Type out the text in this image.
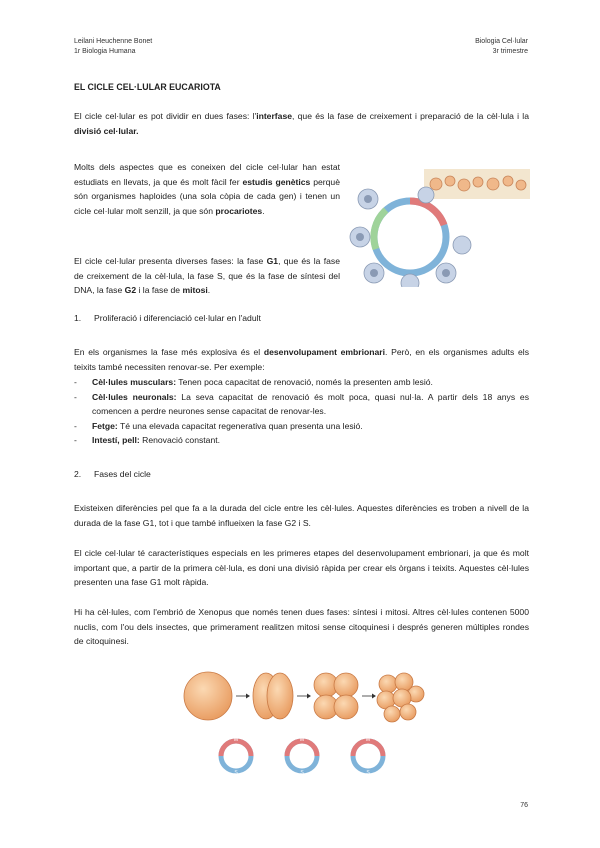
Leilani Heuchenne Bonet
1r Biologia Humana
Biologia Cel·lular
3r trimestre
EL CICLE CEL·LULAR EUCARIOTA
El cicle cel·lular es pot dividir en dues fases: l'interfase, que és la fase de creixement i preparació de la cèl·lula i la divisió cel·lular.
Molts dels aspectes que es coneixen del cicle cel·lular han estat estudiats en llevats, ja que és molt fàcil fer estudis genètics perquè són organismes haploides (una sola còpia de cada gen) i tenen un cicle cel·lular molt senzill, ja que són procariotes.
El cicle cel·lular presenta diverses fases: la fase G1, que és la fase de creixement de la cèl·lula, la fase S, que és la fase de síntesi del DNA, la fase G2 i la fase de mitosi.
1. Proliferació i diferenciació cel·lular en l'adult
En els organismes la fase més explosiva és el desenvolupament embrionari. Però, en els organismes adults els teixits també necessiten renovar-se. Per exemple:
- Cèl·lules musculars: Tenen poca capacitat de renovació, només la presenten amb lesió.
- Cèl·lules neuronals: La seva capacitat de renovació és molt poca, quasi nul·la. A partir dels 18 anys es comencen a perdre neurones sense capacitat de renovar-les.
- Fetge: Té una elevada capacitat regenerativa quan presenta una lesió.
- Intestí, pell: Renovació constant.
2. Fases del cicle
Existeixen diferències pel que fa a la durada del cicle entre les cèl·lules. Aquestes diferències es troben a nivell de la durada de la fase G1, tot i que també influeixen la fase G2 i S.
El cicle cel·lular té característiques especials en les primeres etapes del desenvolupament embrionari, ja que és molt important que, a partir de la primera cèl·lula, es doni una divisió ràpida per crear els òrgans i teixits. Aquestes cèl·lules presenten una fase G1 molt ràpida.
Hi ha cèl·lules, com l'embrió de Xenopus que només tenen dues fases: síntesi i mitosi. Altres cèl·lules contenen 5000 nuclis, com l'ou dels insectes, que primerament realitzen mitosi sense citoquinesi i després generen múltiples rondes de citoquinesi.
M
S
M
S
M
S
76
